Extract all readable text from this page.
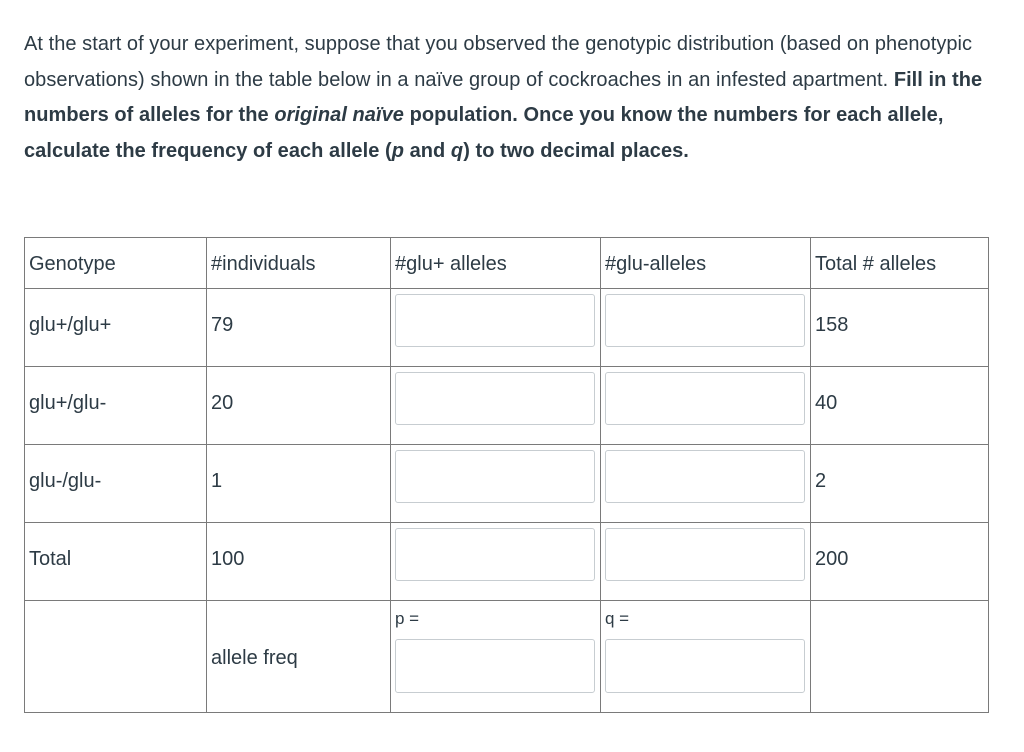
At the start of your experiment, suppose that you observed the genotypic distribution (based on phenotypic observations) shown in the table below in a naïve group of cockroaches in an infested apartment. Fill in the numbers of alleles for the original naïve population. Once you know the numbers for each allele, calculate the frequency of each allele (p and q) to two decimal places.

Genotype	#individuals	#glu+ alleles	#glu-alleles	Total # alleles

glu+/glu+	79			158

glu+/glu-	20			40

glu-/glu-	1			2

Total	100			200

	allele freq	p =	q =	
